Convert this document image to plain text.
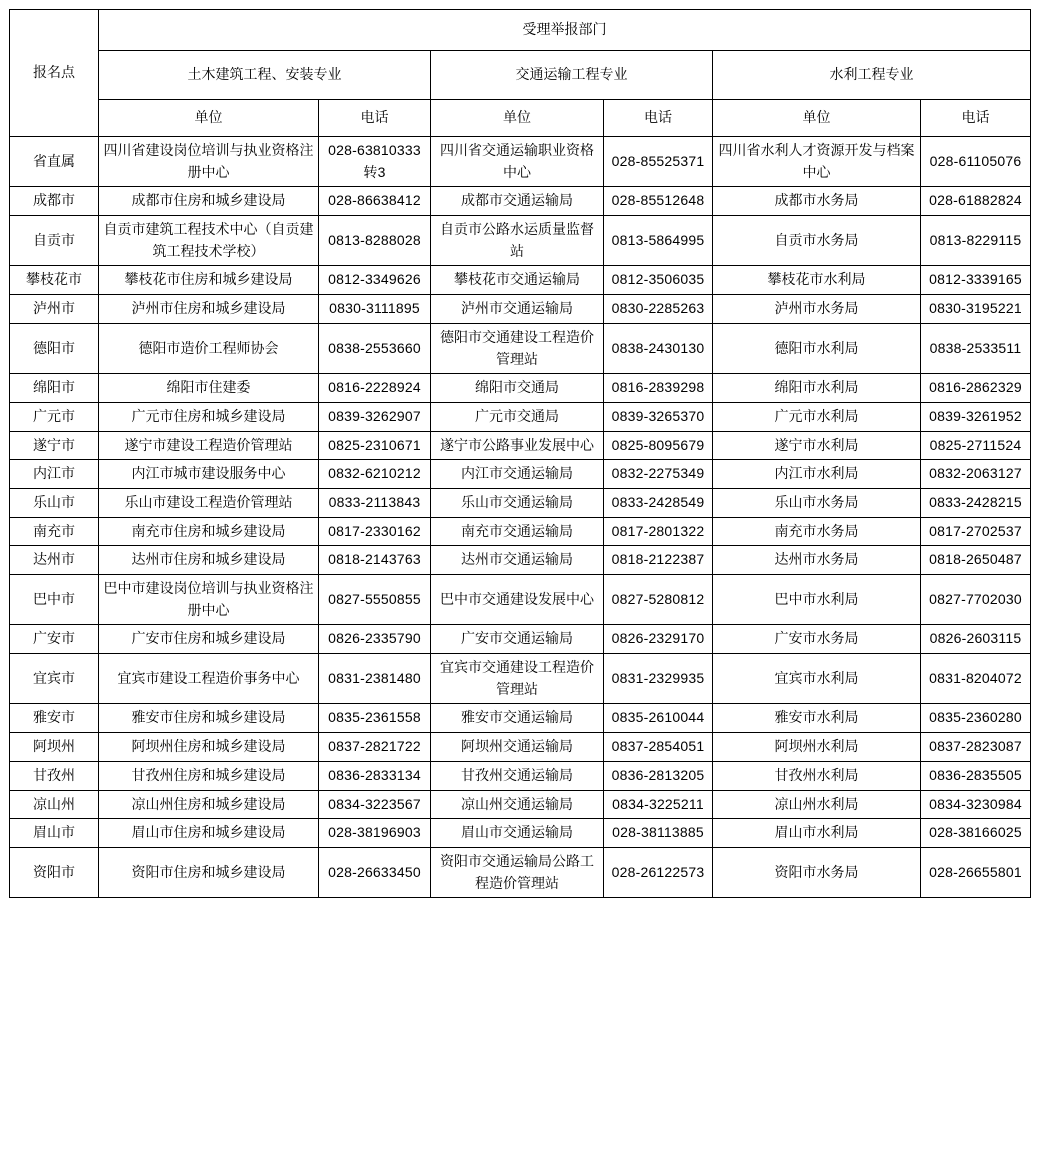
报名点	受理举报部门					
	土木建筑工程、安装专业		交通运输工程专业		水利工程专业	
	单位	电话	单位	电话	单位	电话
省直属	四川省建设岗位培训与执业资格注册中心	028-63810333 转3	四川省交通运输职业资格中心	028-85525371	四川省水利人才资源开发与档案中心	028-61105076
成都市	成都市住房和城乡建设局	028-86638412	成都市交通运输局	028-85512648	成都市水务局	028-61882824
自贡市	自贡市建筑工程技术中心（自贡建筑工程技术学校）	0813-8288028	自贡市公路水运质量监督站	0813-5864995	自贡市水务局	0813-8229115
攀枝花市	攀枝花市住房和城乡建设局	0812-3349626	攀枝花市交通运输局	0812-3506035	攀枝花市水利局	0812-3339165
泸州市	泸州市住房和城乡建设局	0830-3111895	泸州市交通运输局	0830-2285263	泸州市水务局	0830-3195221
德阳市	德阳市造价工程师协会	0838-2553660	德阳市交通建设工程造价管理站	0838-2430130	德阳市水利局	0838-2533511
绵阳市	绵阳市住建委	0816-2228924	绵阳市交通局	0816-2839298	绵阳市水利局	0816-2862329
广元市	广元市住房和城乡建设局	0839-3262907	广元市交通局	0839-3265370	广元市水利局	0839-3261952
遂宁市	遂宁市建设工程造价管理站	0825-2310671	遂宁市公路事业发展中心	0825-8095679	遂宁市水利局	0825-2711524
内江市	内江市城市建设服务中心	0832-6210212	内江市交通运输局	0832-2275349	内江市水利局	0832-2063127
乐山市	乐山市建设工程造价管理站	0833-2113843	乐山市交通运输局	0833-2428549	乐山市水务局	0833-2428215
南充市	南充市住房和城乡建设局	0817-2330162	南充市交通运输局	0817-2801322	南充市水务局	0817-2702537
达州市	达州市住房和城乡建设局	0818-2143763	达州市交通运输局	0818-2122387	达州市水务局	0818-2650487
巴中市	巴中市建设岗位培训与执业资格注册中心	0827-5550855	巴中市交通建设发展中心	0827-5280812	巴中市水利局	0827-7702030
广安市	广安市住房和城乡建设局	0826-2335790	广安市交通运输局	0826-2329170	广安市水务局	0826-2603115
宜宾市	宜宾市建设工程造价事务中心	0831-2381480	宜宾市交通建设工程造价管理站	0831-2329935	宜宾市水利局	0831-8204072
雅安市	雅安市住房和城乡建设局	0835-2361558	雅安市交通运输局	0835-2610044	雅安市水利局	0835-2360280
阿坝州	阿坝州住房和城乡建设局	0837-2821722	阿坝州交通运输局	0837-2854051	阿坝州水利局	0837-2823087
甘孜州	甘孜州住房和城乡建设局	0836-2833134	甘孜州交通运输局	0836-2813205	甘孜州水利局	0836-2835505
凉山州	凉山州住房和城乡建设局	0834-3223567	凉山州交通运输局	0834-3225211	凉山州水利局	0834-3230984
眉山市	眉山市住房和城乡建设局	028-38196903	眉山市交通运输局	028-38113885	眉山市水利局	028-38166025
资阳市	资阳市住房和城乡建设局	028-26633450	资阳市交通运输局公路工程造价管理站	028-26122573	资阳市水务局	028-26655801
